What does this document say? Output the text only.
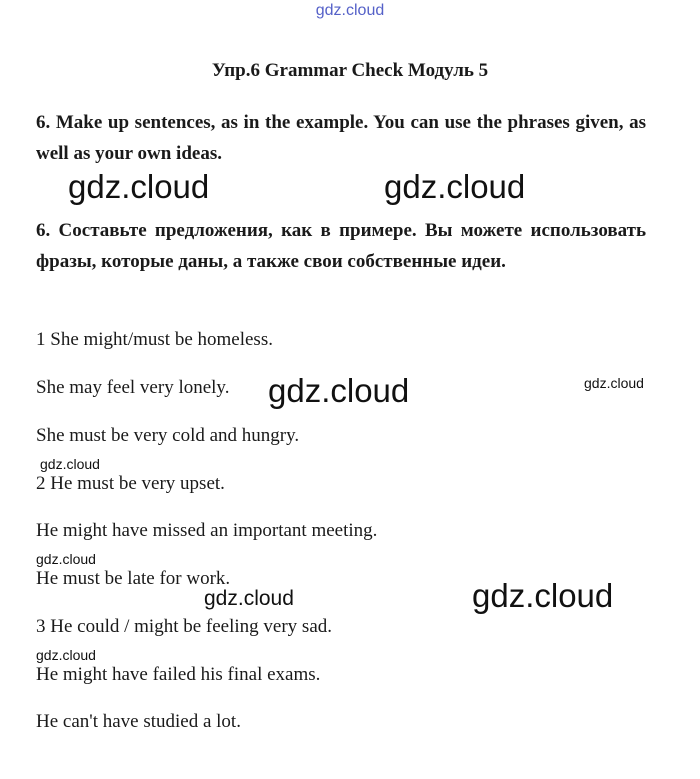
gdz.cloud
Упр.6 Grammar Check Модуль 5
6. Make up sentences, as in the example. You can use the phrases given, as well as your own ideas.
gdz.cloud	gdz.cloud
6. Составьте предложения, как в примере. Вы можете использовать фразы, которые даны, а также свои собственные идеи.
1 She might/must be homeless.
She may feel very lonely. gdz.cloud	gdz.cloud
She must be very cold and hungry.
gdz.cloud
2 He must be very upset.
He might have missed an important meeting.
gdz.cloud
He must be late for work.	gdz.cloud
gdz.cloud
3 He could / might be feeling very sad.
gdz.cloud
He might have failed his final exams.
He can't have studied a lot.
